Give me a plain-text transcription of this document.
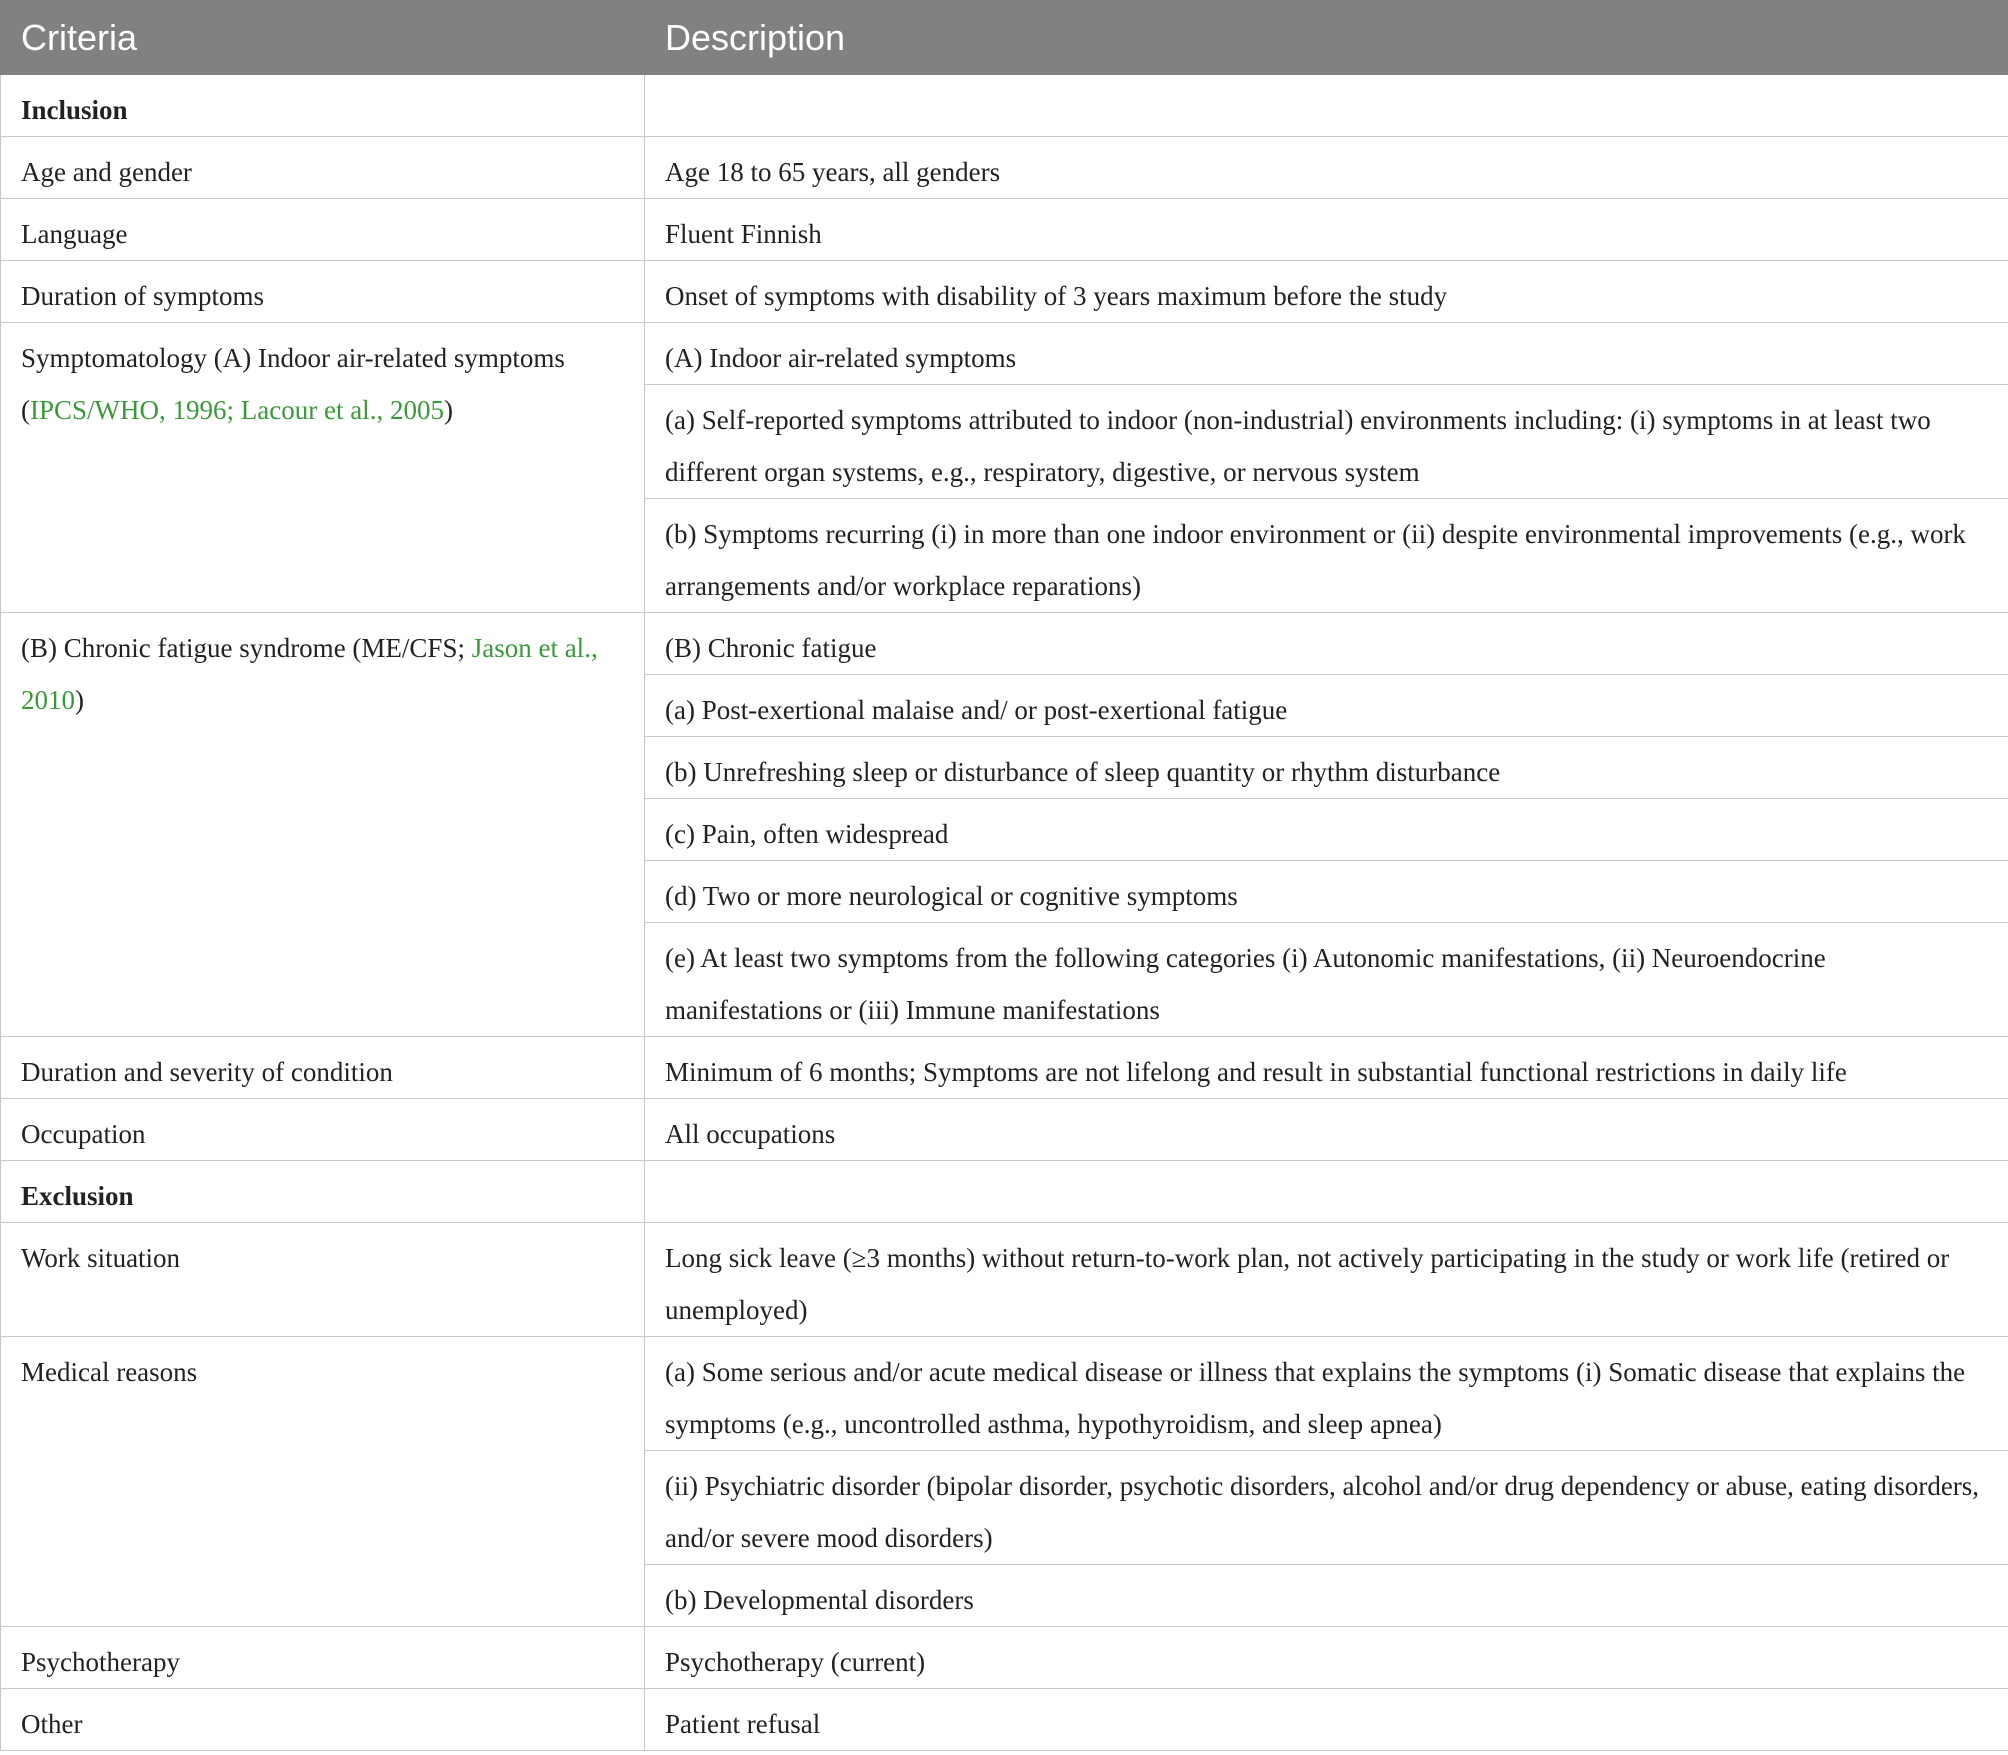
Criteria	Description
Inclusion	
Age and gender	Age 18 to 65 years, all genders
Language	Fluent Finnish
Duration of symptoms	Onset of symptoms with disability of 3 years maximum before the study
Symptomatology (A) Indoor air-related symptoms (IPCS/WHO, 1996; Lacour et al., 2005)	(A) Indoor air-related symptoms
	(a) Self-reported symptoms attributed to indoor (non-industrial) environments including: (i) symptoms in at least two different organ systems, e.g., respiratory, digestive, or nervous system
	(b) Symptoms recurring (i) in more than one indoor environment or (ii) despite environmental improvements (e.g., work arrangements and/or workplace reparations)
(B) Chronic fatigue syndrome (ME/CFS; Jason et al., 2010)	(B) Chronic fatigue
	(a) Post-exertional malaise and/ or post-exertional fatigue
	(b) Unrefreshing sleep or disturbance of sleep quantity or rhythm disturbance
	(c) Pain, often widespread
	(d) Two or more neurological or cognitive symptoms
	(e) At least two symptoms from the following categories (i) Autonomic manifestations, (ii) Neuroendocrine manifestations or (iii) Immune manifestations
Duration and severity of condition	Minimum of 6 months; Symptoms are not lifelong and result in substantial functional restrictions in daily life
Occupation	All occupations
Exclusion	
Work situation	Long sick leave (≥3 months) without return-to-work plan, not actively participating in the study or work life (retired or unemployed)
Medical reasons	(a) Some serious and/or acute medical disease or illness that explains the symptoms (i) Somatic disease that explains the symptoms (e.g., uncontrolled asthma, hypothyroidism, and sleep apnea)
	(ii) Psychiatric disorder (bipolar disorder, psychotic disorders, alcohol and/or drug dependency or abuse, eating disorders, and/or severe mood disorders)
	(b) Developmental disorders
Psychotherapy	Psychotherapy (current)
Other	Patient refusal
